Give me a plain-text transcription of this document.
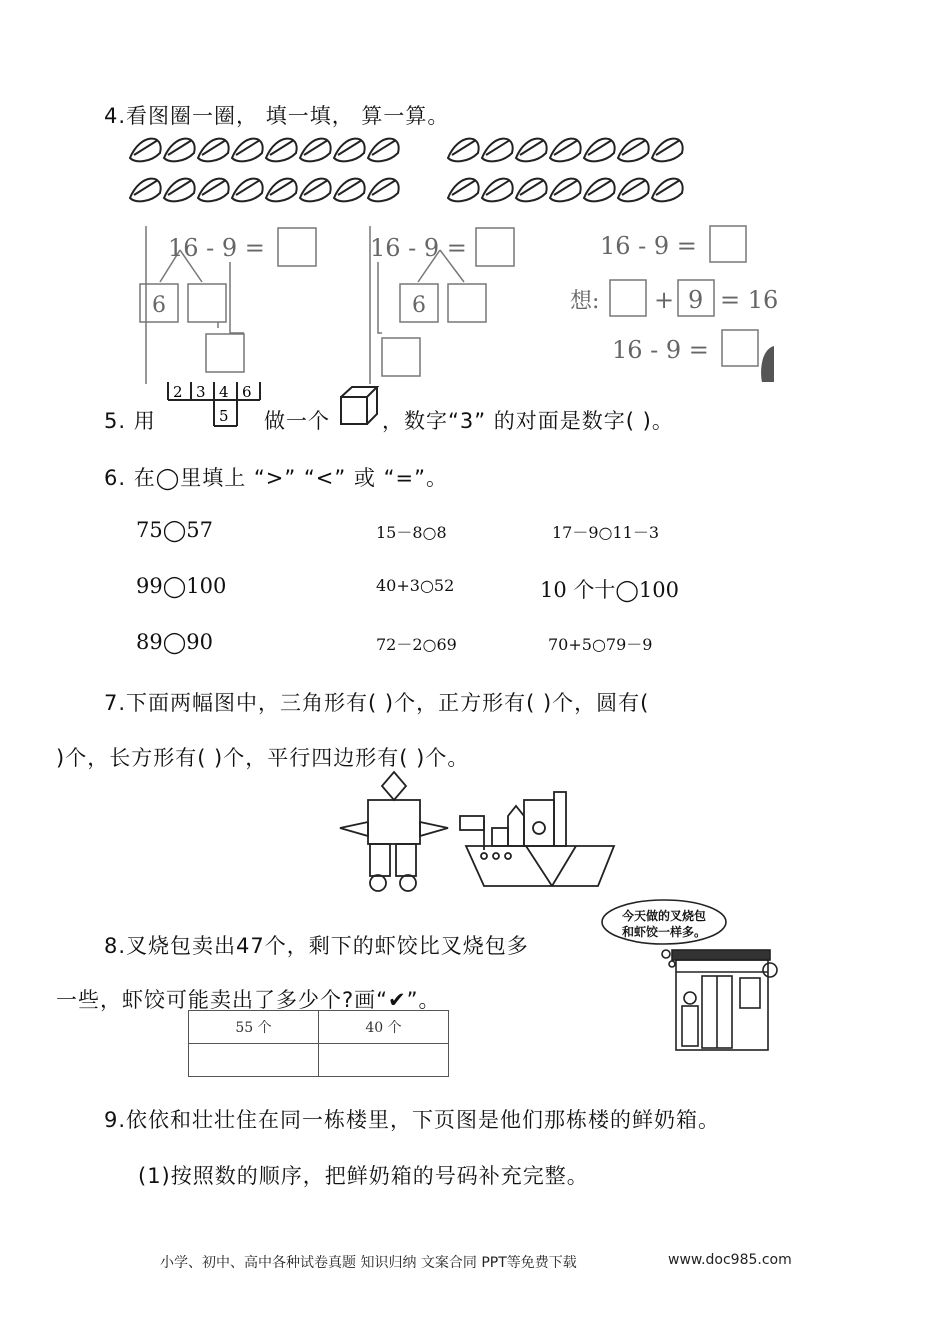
4.看图圈一圈， 填一填， 算一算。
16 - 9 =
6
16 - 9 =
6
16 - 9 =
想: + 9 = 16
16 - 9 =
5. 用
2 3 4 6
5 做一个 ，数字“3” 的对面是数字( )。
6. 在◯里填上 “>” “<” 或 “=”。
75◯57	15－8○8	17－9○11－3
99◯100	40+3○52	10 个十◯100
89◯90	72－2○69	70+5○79－9
7.下面两幅图中，三角形有( )个，正方形有( )个，圆有(
)个，长方形有( )个，平行四边形有( )个。
8.叉烧包卖出47个，剩下的虾饺比叉烧包多
一些，虾饺可能卖出了多少个?画“✔”。
今天做的叉烧包
和虾饺一样多。
55 个	40 个

9.依依和壮壮住在同一栋楼里，下页图是他们那栋楼的鲜奶箱。
(1)按照数的顺序，把鲜奶箱的号码补充完整。
小学、初中、高中各种试卷真题 知识归纳 文案合同 PPT等免费下载	www.doc985.com
